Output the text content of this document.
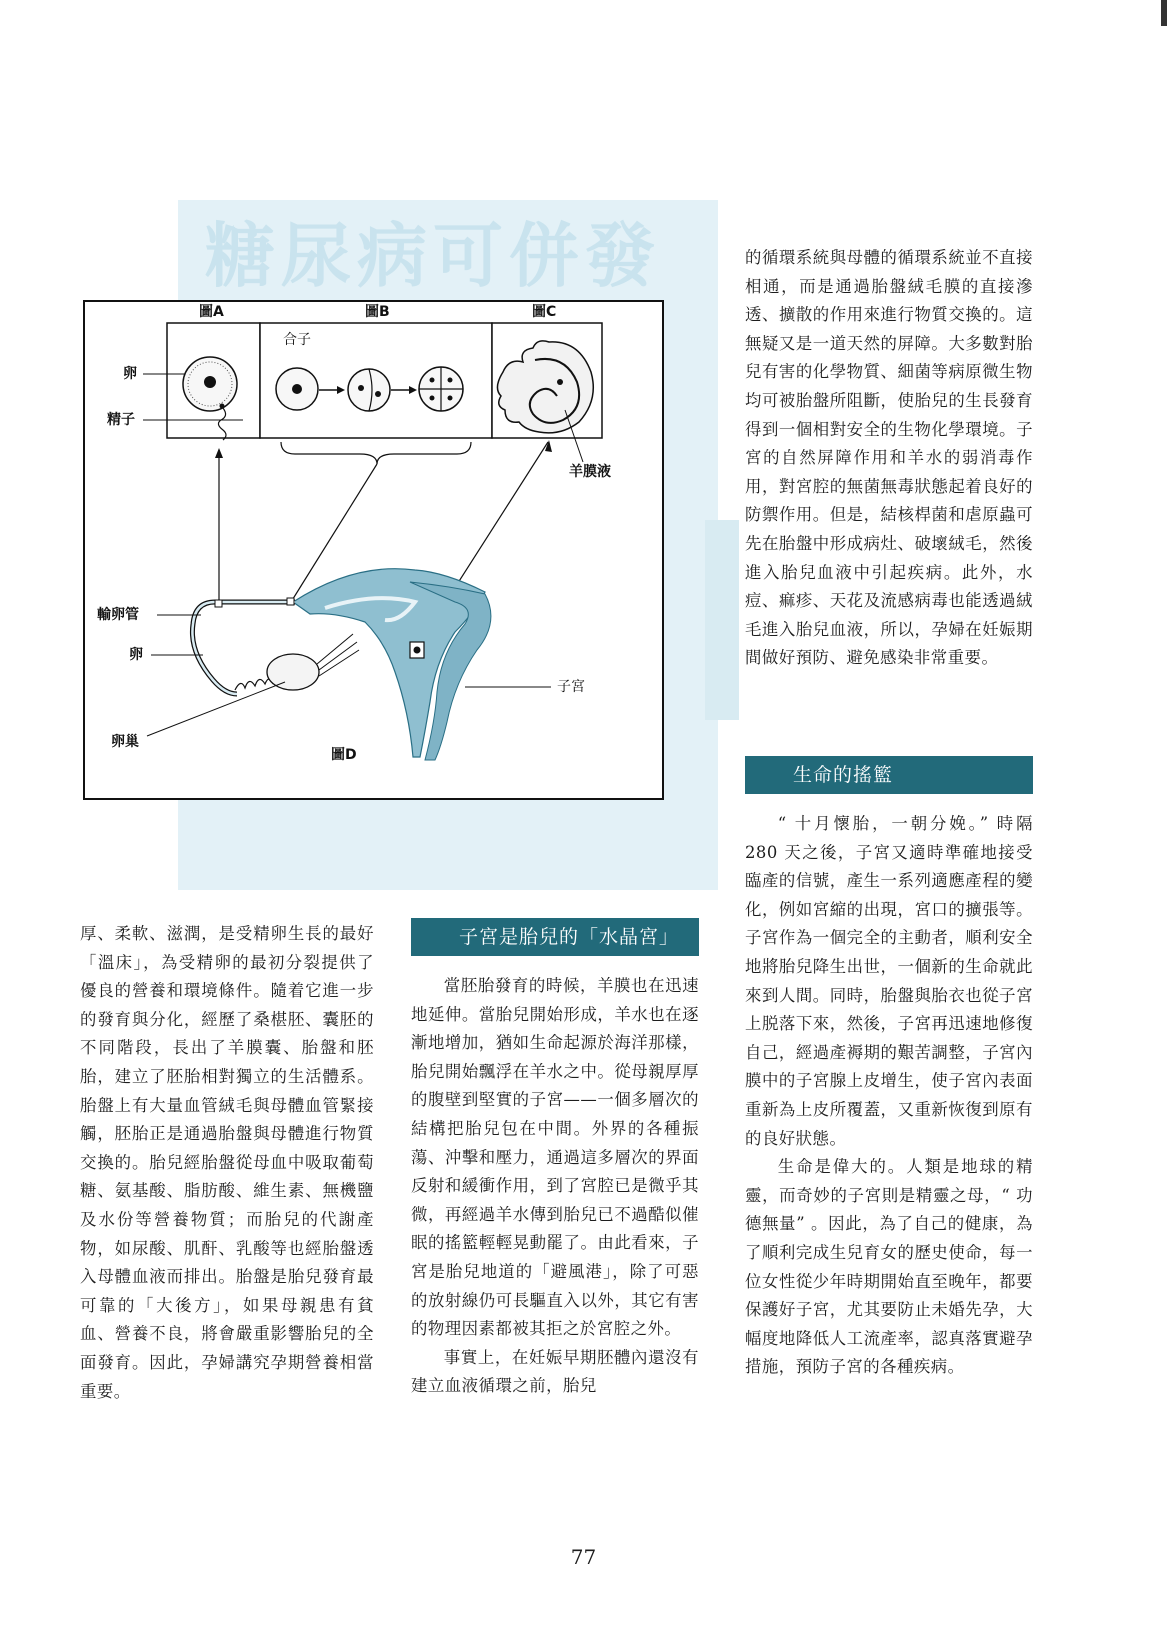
糖尿病可併發
圖A	圖B	圖C
合子
卵
精子
羊膜液
輸卵管
卵
子宮
卵巢
圖D

厚、柔軟、滋潤，是受精卵生長的最好「溫床」，為受精卵的最初分裂提供了優良的營養和環境條件。隨着它進一步的發育與分化，經歷了桑椹胚、囊胚的不同階段，長出了羊膜囊、胎盤和胚胎，建立了胚胎相對獨立的生活體系。胎盤上有大量血管絨毛與母體血管緊接觸，胚胎正是通過胎盤與母體進行物質交換的。胎兒經胎盤從母血中吸取葡萄糖、氨基酸、脂肪酸、維生素、無機鹽及水份等營養物質；而胎兒的代謝產物，如尿酸、肌酐、乳酸等也經胎盤透入母體血液而排出。胎盤是胎兒發育最可靠的「大後方」，如果母親患有貧血、營養不良，將會嚴重影響胎兒的全面發育。因此，孕婦講究孕期營養相當重要。

子宮是胎兒的「水晶宮」

當胚胎發育的時候，羊膜也在迅速地延伸。當胎兒開始形成，羊水也在逐漸地增加，猶如生命起源於海洋那樣，胎兒開始飄浮在羊水之中。從母親厚厚的腹壁到堅實的子宮——一個多層次的結構把胎兒包在中間。外界的各種振蕩、沖擊和壓力，通過這多層次的界面反射和緩衝作用，到了宮腔已是微乎其微，再經過羊水傳到胎兒已不過酷似催眠的搖籃輕輕晃動罷了。由此看來，子宮是胎兒地道的「避風港」，除了可惡的放射線仍可長驅直入以外，其它有害的物理因素都被其拒之於宮腔之外。

事實上，在妊娠早期胚體內還沒有建立血液循環之前，胎兒

的循環系統與母體的循環系統並不直接相通，而是通過胎盤絨毛膜的直接滲透、擴散的作用來進行物質交換的。這無疑又是一道天然的屏障。大多數對胎兒有害的化學物質、細菌等病原微生物均可被胎盤所阻斷，使胎兒的生長發育得到一個相對安全的生物化學環境。子宮的自然屏障作用和羊水的弱消毒作用，對宮腔的無菌無毒狀態起着良好的防禦作用。但是，結核桿菌和虐原蟲可先在胎盤中形成病灶、破壞絨毛，然後進入胎兒血液中引起疾病。此外，水痘、痲疹、天花及流感病毒也能透過絨毛進入胎兒血液，所以，孕婦在妊娠期間做好預防、避免感染非常重要。

生命的搖籃

“ 十月懷胎，一朝分娩。” 時隔 280 天之後，子宮又適時準確地接受臨產的信號，產生一系列適應產程的變化，例如宮縮的出現，宮口的擴張等。子宮作為一個完全的主動者，順利安全地將胎兒降生出世，一個新的生命就此來到人間。同時，胎盤與胎衣也從子宮上脱落下來，然後，子宮再迅速地修復自己，經過產褥期的艱苦調整，子宮內膜中的子宮腺上皮增生，使子宮內表面重新為上皮所覆蓋，又重新恢復到原有的良好狀態。

生命是偉大的。人類是地球的精靈，而奇妙的子宮則是精靈之母，“ 功德無量” 。因此，為了自己的健康，為了順利完成生兒育女的歷史使命，每一位女性從少年時期開始直至晚年，都要保護好子宮，尤其要防止未婚先孕，大幅度地降低人工流產率，認真落實避孕措施，預防子宮的各種疾病。

77
